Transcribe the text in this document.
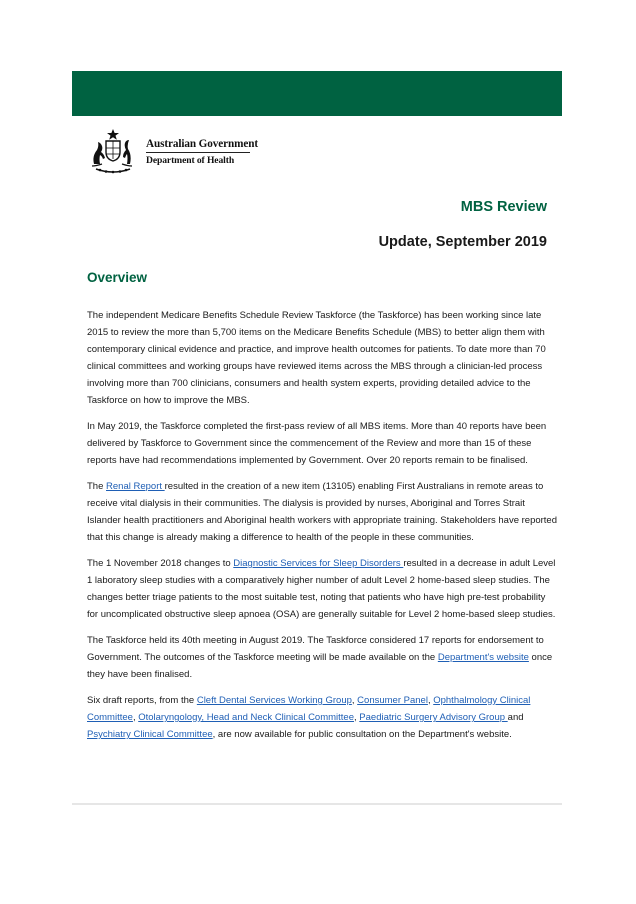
Australian Government
Department of Health
MBS Review
Update, September 2019
Overview

The independent Medicare Benefits Schedule Review Taskforce (the Taskforce) has been working since late 2015 to review the more than 5,700 items on the Medicare Benefits Schedule (MBS) to better align them with contemporary clinical evidence and practice, and improve health outcomes for patients. To date more than 70 clinical committees and working groups have reviewed items across the MBS through a clinician-led process involving more than 700 clinicians, consumers and health system experts, providing detailed advice to the Taskforce on how to improve the MBS.

In May 2019, the Taskforce completed the first-pass review of all MBS items. More than 40 reports have been delivered by Taskforce to Government since the commencement of the Review and more than 15 of these reports have had recommendations implemented by Government. Over 20 reports remain to be finalised.

The Renal Report resulted in the creation of a new item (13105) enabling First Australians in remote areas to receive vital dialysis in their communities. The dialysis is provided by nurses, Aboriginal and Torres Strait Islander health practitioners and Aboriginal health workers with appropriate training. Stakeholders have reported that this change is already making a difference to health of the people in these communities.

The 1 November 2018 changes to Diagnostic Services for Sleep Disorders resulted in a decrease in adult Level 1 laboratory sleep studies with a comparatively higher number of adult Level 2 home-based sleep studies. The changes better triage patients to the most suitable test, noting that patients who have high pre-test probability for uncomplicated obstructive sleep apnoea (OSA) are generally suitable for Level 2 home-based sleep studies.

The Taskforce held its 40th meeting in August 2019. The Taskforce considered 17 reports for endorsement to Government. The outcomes of the Taskforce meeting will be made available on the Department's website once they have been finalised.

Six draft reports, from the Cleft Dental Services Working Group, Consumer Panel, Ophthalmology Clinical Committee, Otolaryngology, Head and Neck Clinical Committee, Paediatric Surgery Advisory Group and Psychiatry Clinical Committee, are now available for public consultation on the Department's website.
